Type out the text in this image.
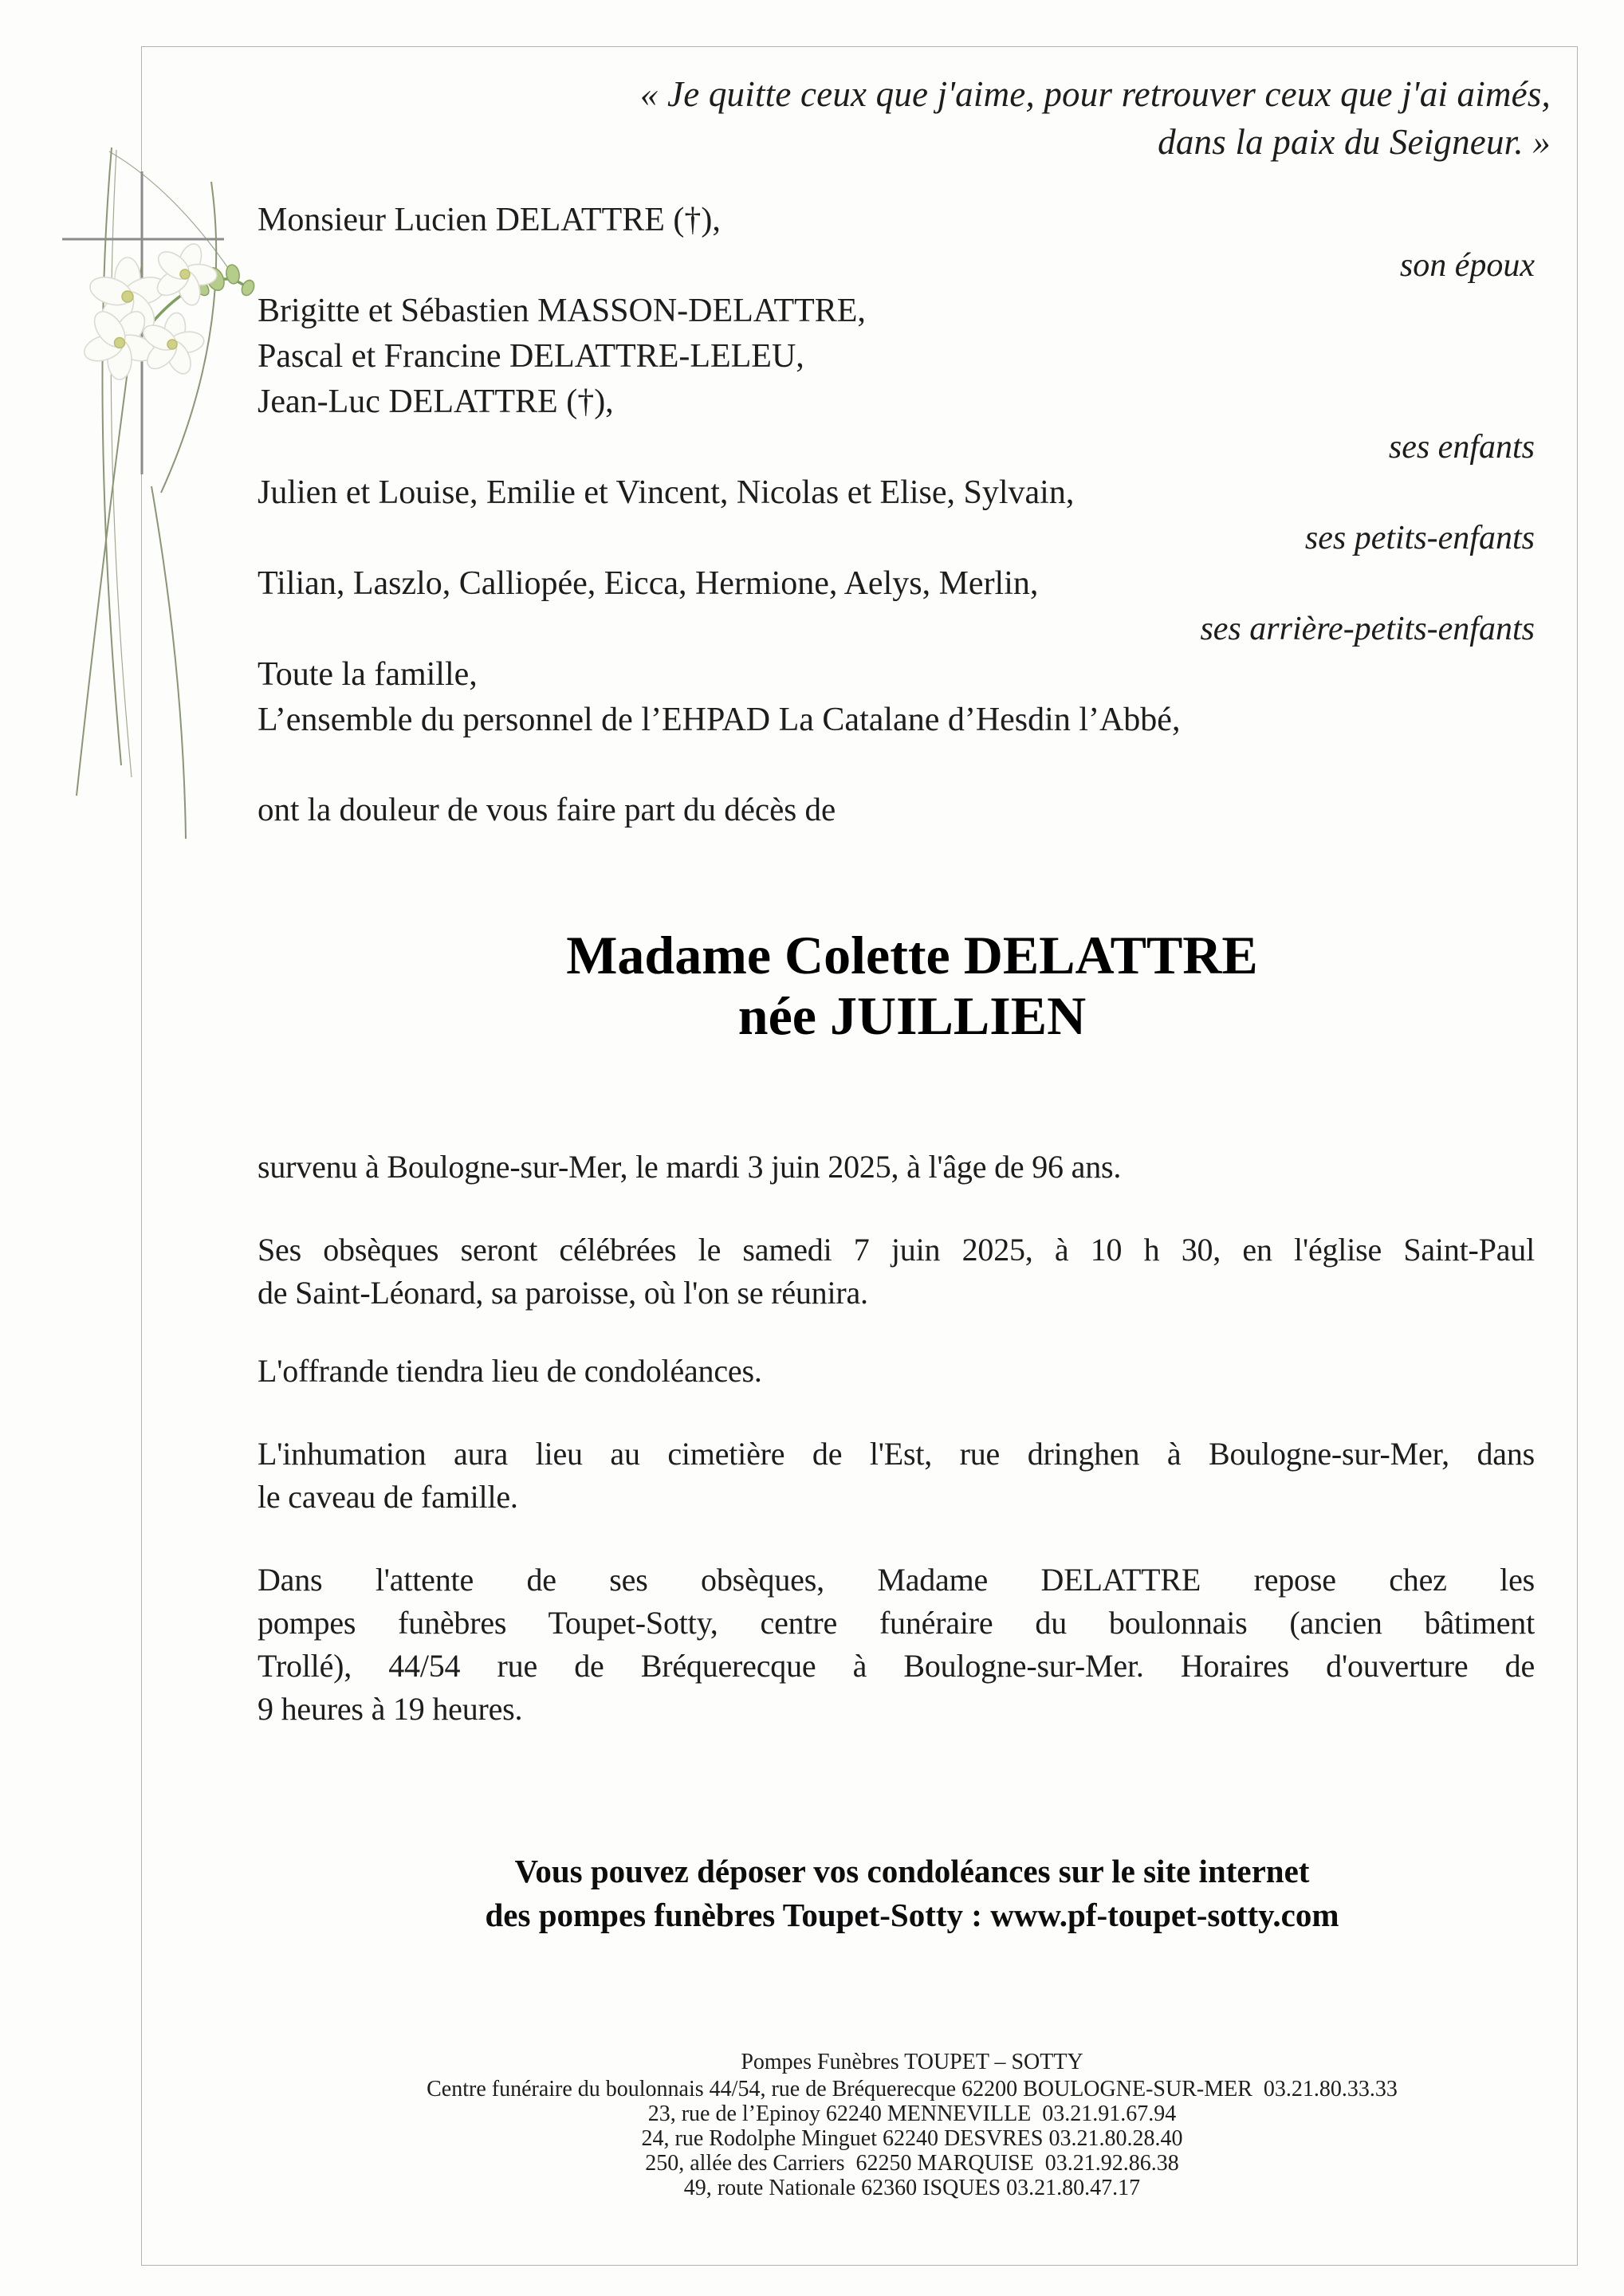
« Je quitte ceux que j'aime, pour retrouver ceux que j'ai aimés,
dans la paix du Seigneur. »
Monsieur Lucien DELATTRE (†),
son époux
Brigitte et Sébastien MASSON-DELATTRE,
Pascal et Francine DELATTRE-LELEU,
Jean-Luc DELATTRE (†),
ses enfants
Julien et Louise, Emilie et Vincent, Nicolas et Elise, Sylvain,
ses petits-enfants
Tilian, Laszlo, Calliopée, Eicca, Hermione, Aelys, Merlin,
ses arrière-petits-enfants
Toute la famille,
L’ensemble du personnel de l’EHPAD La Catalane d’Hesdin l’Abbé,
ont la douleur de vous faire part du décès de
Madame Colette DELATTRE
née JUILLIEN
survenu à Boulogne-sur-Mer, le mardi 3 juin 2025, à l'âge de 96 ans.
Ses obsèques seront célébrées le samedi 7 juin 2025, à 10 h 30, en l'église Saint-Paul
de Saint-Léonard, sa paroisse, où l'on se réunira.
L'offrande tiendra lieu de condoléances.
L'inhumation aura lieu au cimetière de l'Est, rue dringhen à Boulogne-sur-Mer, dans
le caveau de famille.
Dans l'attente de ses obsèques, Madame DELATTRE repose chez les
pompes funèbres Toupet-Sotty, centre funéraire du boulonnais (ancien bâtiment
Trollé), 44/54 rue de Bréquerecque à Boulogne-sur-Mer. Horaires d'ouverture de
9 heures à 19 heures.
Vous pouvez déposer vos condoléances sur le site internet
des pompes funèbres Toupet-Sotty : www.pf-toupet-sotty.com
Pompes Funèbres TOUPET – SOTTY
Centre funéraire du boulonnais 44/54, rue de Bréquerecque 62200 BOULOGNE-SUR-MER  03.21.80.33.33
23, rue de l’Epinoy 62240 MENNEVILLE  03.21.91.67.94
24, rue Rodolphe Minguet 62240 DESVRES 03.21.80.28.40
250, allée des Carriers  62250 MARQUISE  03.21.92.86.38
49, route Nationale 62360 ISQUES 03.21.80.47.17
